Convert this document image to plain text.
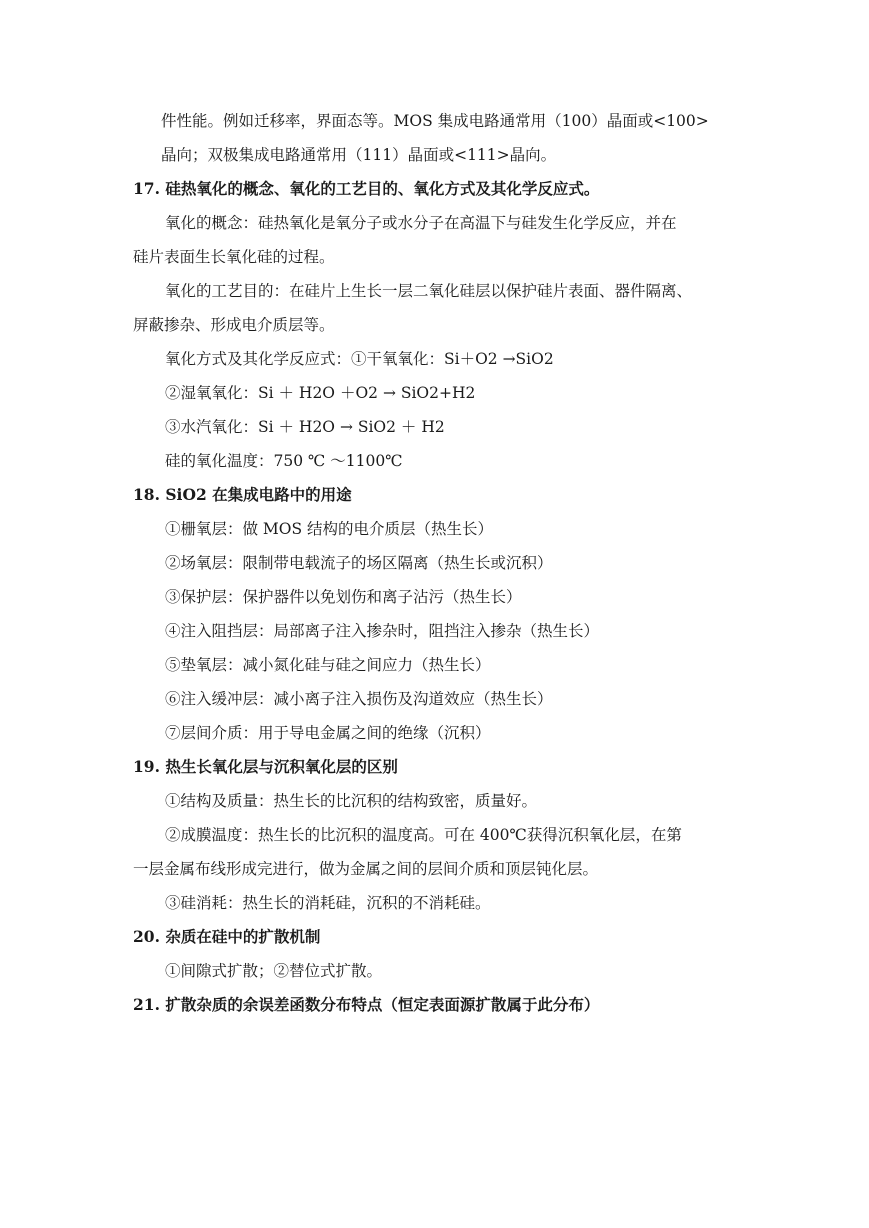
件性能。例如迁移率，界面态等。MOS 集成电路通常用（100）晶面或<100>
晶向；双极集成电路通常用（111）晶面或<111>晶向。
17. 硅热氧化的概念、氧化的工艺目的、氧化方式及其化学反应式。
氧化的概念：硅热氧化是氧分子或水分子在高温下与硅发生化学反应，并在
硅片表面生长氧化硅的过程。
氧化的工艺目的：在硅片上生长一层二氧化硅层以保护硅片表面、器件隔离、
屏蔽掺杂、形成电介质层等。
氧化方式及其化学反应式：①干氧氧化：Si＋O2 →SiO2
②湿氧氧化：Si ＋ H2O ＋O2 → SiO2+H2
③水汽氧化：Si ＋ H2O → SiO2 ＋ H2
硅的氧化温度：750 ℃ ～1100℃
18. SiO2 在集成电路中的用途
①栅氧层：做 MOS 结构的电介质层（热生长）
②场氧层：限制带电载流子的场区隔离（热生长或沉积）
③保护层：保护器件以免划伤和离子沾污（热生长）
④注入阻挡层：局部离子注入掺杂时，阻挡注入掺杂（热生长）
⑤垫氧层：减小氮化硅与硅之间应力（热生长）
⑥注入缓冲层：减小离子注入损伤及沟道效应（热生长）
⑦层间介质：用于导电金属之间的绝缘（沉积）
19. 热生长氧化层与沉积氧化层的区别
①结构及质量：热生长的比沉积的结构致密，质量好。
②成膜温度：热生长的比沉积的温度高。可在 400℃获得沉积氧化层，在第
一层金属布线形成完进行，做为金属之间的层间介质和顶层钝化层。
③硅消耗：热生长的消耗硅，沉积的不消耗硅。
20. 杂质在硅中的扩散机制
①间隙式扩散；②替位式扩散。
21. 扩散杂质的余误差函数分布特点（恒定表面源扩散属于此分布）
